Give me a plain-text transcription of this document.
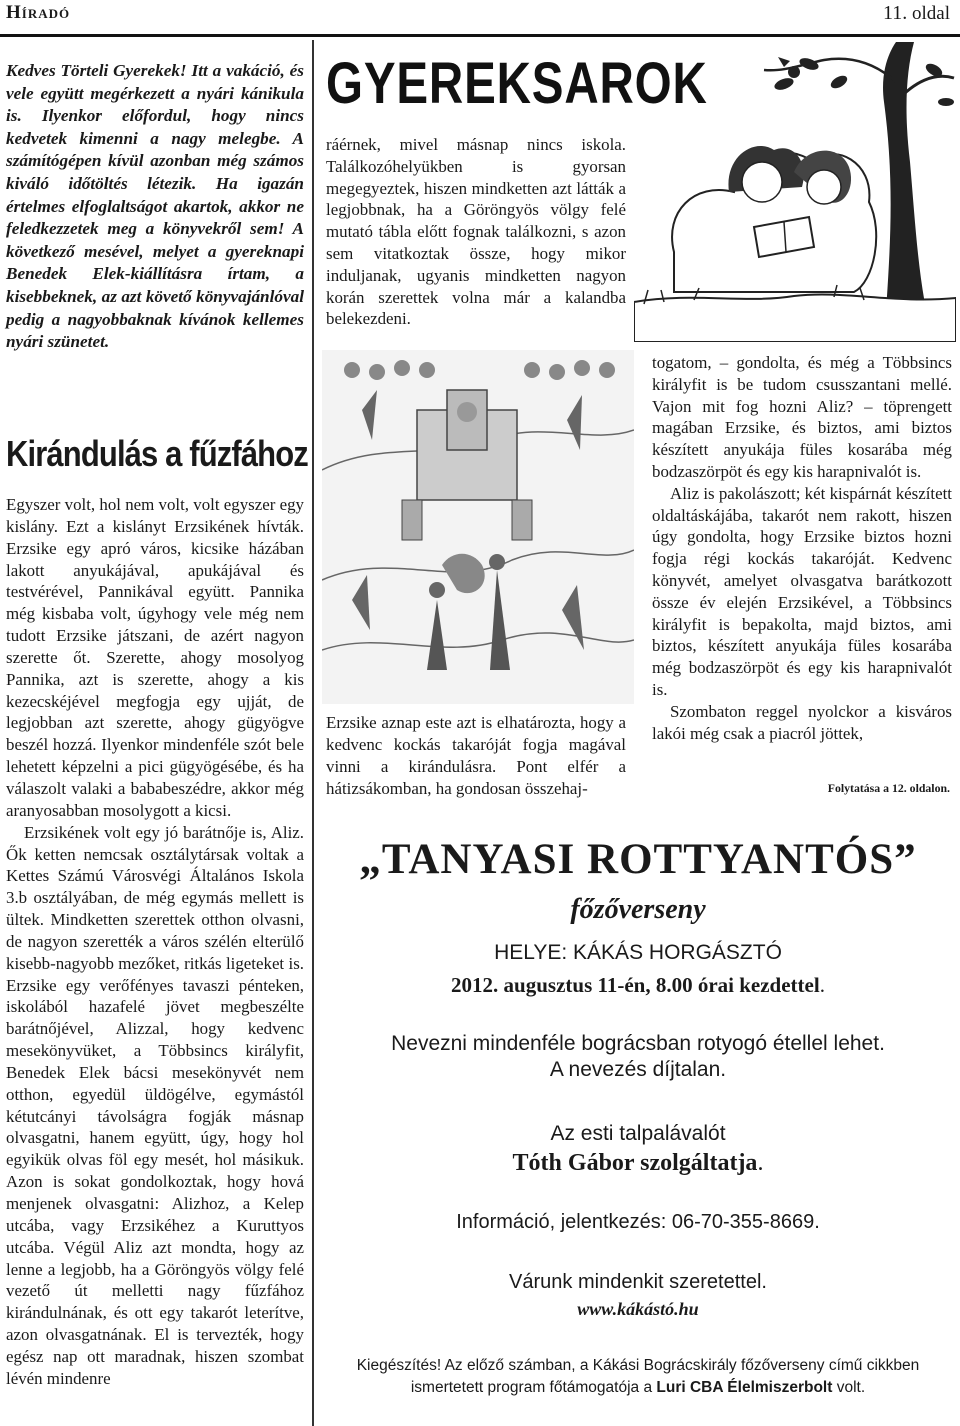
Híradó	11. oldal
Kedves Törteli Gyerekek! Itt a vakáció, és vele együtt megérkezett a nyári kánikula is. Ilyenkor előfordul, hogy nincs kedvetek kimenni a nagy melegbe. A számítógépen kívül azonban még számos kiváló időtöltés létezik. Ha igazán értelmes elfoglaltságot akartok, akkor ne feledkezzetek meg a könyvekről sem! A következő mesével, melyet a gyereknapi Benedek Elek-kiállításra írtam, a kisebbeknek, az azt követő könyvajánlóval pedig a nagyobbaknak kívánok kellemes nyári szünetet.
Kirándulás a fűzfához

Egyszer volt, hol nem volt, volt egyszer egy kislány. Ezt a kislányt Erzsikének hívták. Erzsike egy apró város, kicsike házában lakott anyukájával, apukájával és testvérével, Pannikával együtt. Pannika még kisbaba volt, úgyhogy vele még nem tudott Erzsike játszani, de azért nagyon szerette őt. Szerette, ahogy mosolyog Pannika, azt is szerette, ahogy a kis kezecskéjével megfogja egy ujját, de legjobban azt szerette, ahogy gügyögve beszél hozzá. Ilyenkor mindenféle szót bele lehetett képzelni a pici gügyögésébe, és ha válaszolt valaki a bababeszédre, akkor még aranyosabban mosolygott a kicsi.

Erzsikének volt egy jó barátnője is, Aliz. Ők ketten nemcsak osztálytársak voltak a Kettes Számú Városvégi Általános Iskola 3.b osztályában, de még egymás mellett is ültek. Mindketten szerettek otthon olvasni, de nagyon szerették a város szélén elterülő kisebb-nagyobb mezőket, ritkás ligeteket is. Erzsike egy verőfényes tavaszi pénteken, iskolából hazafelé jövet megbeszélte barátnőjével, Alizzal, hogy kedvenc mesekönyvüket, a Többsincs királyfit, Benedek Elek bácsi mesekönyvét nem otthon, egyedül üldögélve, egymástól kétutcányi távolságra fogják másnap olvasgatni, hanem együtt, úgy, hogy hol egyikük olvas föl egy mesét, hol másikuk. Azon is sokat gondolkoztak, hogy hová menjenek olvasgatni: Alizhoz, a Kelep utcába, vagy Erzsikéhez a Kuruttyos utcába. Végül Aliz azt mondta, hogy az lenne a legjobb, ha a Göröngyös völgy felé vezető út melletti nagy fűzfához kirándulnának, és ott egy takarót leterítve, azon olvasgatnának. El is tervezték, hogy egész nap ott maradnak, hiszen szombat lévén mindenre

GYEREKSAROK
ráérnek, mivel másnap nincs iskola. Találkozóhelyükben is gyorsan megegyeztek, hiszen mindketten azt látták a legjobbnak, ha a Göröngyös völgy felé mutató tábla előtt fognak találkozni, s azon sem vitatkoztak össze, hogy mikor induljanak, ugyanis mindketten nagyon korán szerettek volna már a kalandba belekezdeni.
Erzsike aznap este azt is elhatározta, hogy a kedvenc kockás takaróját fogja magával vinni a kirándulásra. Pont elfér a hátizsákomban, ha gondosan összehaj-

togatom, – gondolta, és még a Többsincs királyfit is be tudom csusszantani mellé. Vajon mit fog hozni Aliz? – töprengett magában Erzsike, és biztos, ami biztos készített anyukája füles kosarába még bodzaszörpöt és egy kis harapnivalót is.

Aliz is pakolászott; két kispárnát készített oldaltáskájába, takarót nem rakott, hiszen úgy gondolta, hogy Erzsike biztos hozni fogja régi kockás takaróját. Kedvenc könyvét, amelyet olvasgatva barátkozott össze év elején Erzsikével, a Többsincs királyfit is bepakolta, majd biztos, ami biztos, készített anyukája füles kosarába még bodzaszörpöt és egy kis harapnivalót is.

Szombaton reggel nyolckor a kisváros lakói még csak a piacról jöttek,

Folytatása a 12. oldalon.
„TANYASI ROTTYANTÓS”
főzőverseny
HELYE: KÁKÁS HORGÁSZTÓ
2012. augusztus 11-én, 8.00 órai kezdettel.
Nevezni mindenféle bográcsban rotyogó étellel lehet.
A nevezés díjtalan.
Az esti talpalávalót
Tóth Gábor szolgáltatja.
Információ, jelentkezés: 06-70-355-8669.
Várunk mindenkit szeretettel.
www.kákástó.hu
Kiegészítés! Az előző számban, a Kákási Bográcskirály főzőverseny című cikkben ismertetett program főtámogatója a Luri CBA Élelmiszerbolt volt.
